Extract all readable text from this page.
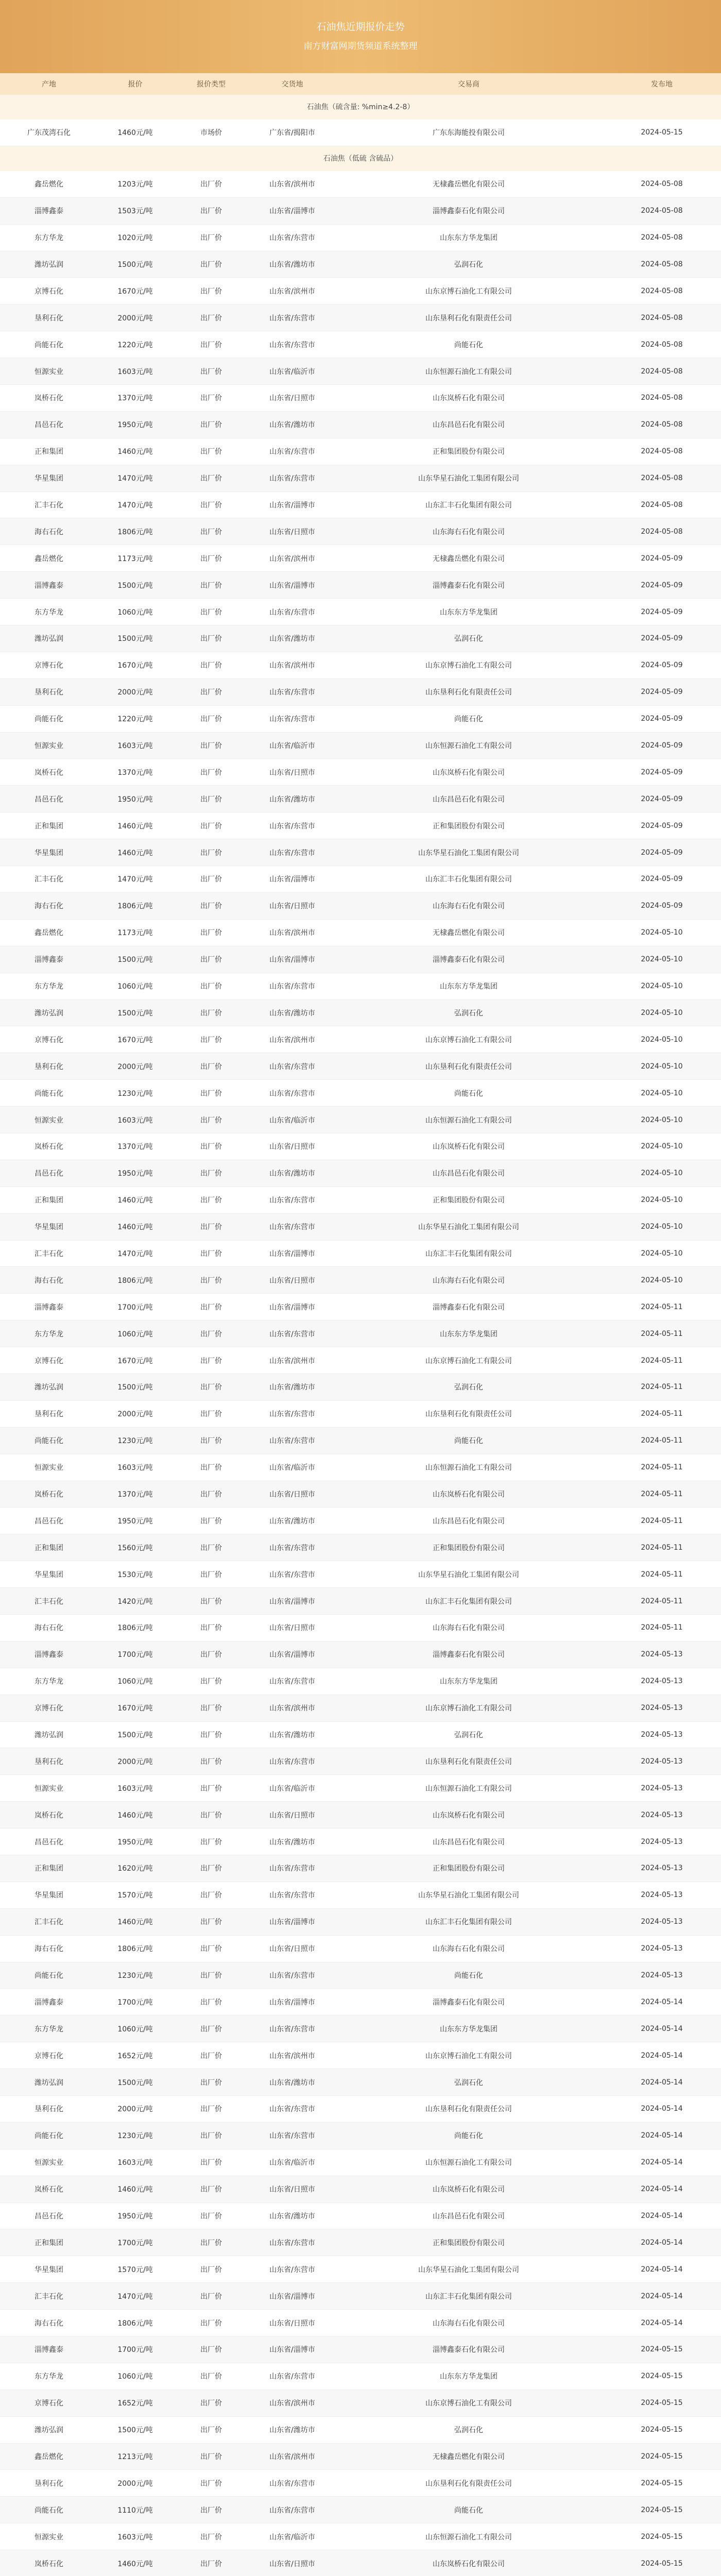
石油焦近期报价走势
南方财富网期货频道系统整理
产地	报价	报价类型	交货地	交易商	发布地
石油焦（硫含量: %min≥4.2-8）
广东茂湾石化	1460元/吨	市场价	广东省/揭阳市	广东东海能投有限公司	2024-05-15
石油焦（低硫 含硫品）
鑫岳燃化	1203元/吨	出厂价	山东省/滨州市	无棣鑫岳燃化有限公司	2024-05-08
淄博鑫泰	1503元/吨	出厂价	山东省/淄博市	淄博鑫泰石化有限公司	2024-05-08
东方华龙	1020元/吨	出厂价	山东省/东营市	山东东方华龙集团	2024-05-08
潍坊弘润	1500元/吨	出厂价	山东省/潍坊市	弘润石化	2024-05-08
京博石化	1670元/吨	出厂价	山东省/滨州市	山东京博石油化工有限公司	2024-05-08
垦利石化	2000元/吨	出厂价	山东省/东营市	山东垦利石化有限责任公司	2024-05-08
尚能石化	1220元/吨	出厂价	山东省/东营市	尚能石化	2024-05-08
恒源实业	1603元/吨	出厂价	山东省/临沂市	山东恒源石油化工有限公司	2024-05-08
岚桥石化	1370元/吨	出厂价	山东省/日照市	山东岚桥石化有限公司	2024-05-08
昌邑石化	1950元/吨	出厂价	山东省/潍坊市	山东昌邑石化有限公司	2024-05-08
正和集团	1460元/吨	出厂价	山东省/东营市	正和集团股份有限公司	2024-05-08
华星集团	1470元/吨	出厂价	山东省/东营市	山东华星石油化工集团有限公司	2024-05-08
汇丰石化	1470元/吨	出厂价	山东省/淄博市	山东汇丰石化集团有限公司	2024-05-08
海右石化	1806元/吨	出厂价	山东省/日照市	山东海右石化有限公司	2024-05-08
鑫岳燃化	1173元/吨	出厂价	山东省/滨州市	无棣鑫岳燃化有限公司	2024-05-09
淄博鑫泰	1500元/吨	出厂价	山东省/淄博市	淄博鑫泰石化有限公司	2024-05-09
东方华龙	1060元/吨	出厂价	山东省/东营市	山东东方华龙集团	2024-05-09
潍坊弘润	1500元/吨	出厂价	山东省/潍坊市	弘润石化	2024-05-09
京博石化	1670元/吨	出厂价	山东省/滨州市	山东京博石油化工有限公司	2024-05-09
垦利石化	2000元/吨	出厂价	山东省/东营市	山东垦利石化有限责任公司	2024-05-09
尚能石化	1220元/吨	出厂价	山东省/东营市	尚能石化	2024-05-09
恒源实业	1603元/吨	出厂价	山东省/临沂市	山东恒源石油化工有限公司	2024-05-09
岚桥石化	1370元/吨	出厂价	山东省/日照市	山东岚桥石化有限公司	2024-05-09
昌邑石化	1950元/吨	出厂价	山东省/潍坊市	山东昌邑石化有限公司	2024-05-09
正和集团	1460元/吨	出厂价	山东省/东营市	正和集团股份有限公司	2024-05-09
华星集团	1460元/吨	出厂价	山东省/东营市	山东华星石油化工集团有限公司	2024-05-09
汇丰石化	1470元/吨	出厂价	山东省/淄博市	山东汇丰石化集团有限公司	2024-05-09
海右石化	1806元/吨	出厂价	山东省/日照市	山东海右石化有限公司	2024-05-09
鑫岳燃化	1173元/吨	出厂价	山东省/滨州市	无棣鑫岳燃化有限公司	2024-05-10
淄博鑫泰	1500元/吨	出厂价	山东省/淄博市	淄博鑫泰石化有限公司	2024-05-10
东方华龙	1060元/吨	出厂价	山东省/东营市	山东东方华龙集团	2024-05-10
潍坊弘润	1500元/吨	出厂价	山东省/潍坊市	弘润石化	2024-05-10
京博石化	1670元/吨	出厂价	山东省/滨州市	山东京博石油化工有限公司	2024-05-10
垦利石化	2000元/吨	出厂价	山东省/东营市	山东垦利石化有限责任公司	2024-05-10
尚能石化	1230元/吨	出厂价	山东省/东营市	尚能石化	2024-05-10
恒源实业	1603元/吨	出厂价	山东省/临沂市	山东恒源石油化工有限公司	2024-05-10
岚桥石化	1370元/吨	出厂价	山东省/日照市	山东岚桥石化有限公司	2024-05-10
昌邑石化	1950元/吨	出厂价	山东省/潍坊市	山东昌邑石化有限公司	2024-05-10
正和集团	1460元/吨	出厂价	山东省/东营市	正和集团股份有限公司	2024-05-10
华星集团	1460元/吨	出厂价	山东省/东营市	山东华星石油化工集团有限公司	2024-05-10
汇丰石化	1470元/吨	出厂价	山东省/淄博市	山东汇丰石化集团有限公司	2024-05-10
海右石化	1806元/吨	出厂价	山东省/日照市	山东海右石化有限公司	2024-05-10
淄博鑫泰	1700元/吨	出厂价	山东省/淄博市	淄博鑫泰石化有限公司	2024-05-11
东方华龙	1060元/吨	出厂价	山东省/东营市	山东东方华龙集团	2024-05-11
京博石化	1670元/吨	出厂价	山东省/滨州市	山东京博石油化工有限公司	2024-05-11
潍坊弘润	1500元/吨	出厂价	山东省/潍坊市	弘润石化	2024-05-11
垦利石化	2000元/吨	出厂价	山东省/东营市	山东垦利石化有限责任公司	2024-05-11
尚能石化	1230元/吨	出厂价	山东省/东营市	尚能石化	2024-05-11
恒源实业	1603元/吨	出厂价	山东省/临沂市	山东恒源石油化工有限公司	2024-05-11
岚桥石化	1370元/吨	出厂价	山东省/日照市	山东岚桥石化有限公司	2024-05-11
昌邑石化	1950元/吨	出厂价	山东省/潍坊市	山东昌邑石化有限公司	2024-05-11
正和集团	1560元/吨	出厂价	山东省/东营市	正和集团股份有限公司	2024-05-11
华星集团	1530元/吨	出厂价	山东省/东营市	山东华星石油化工集团有限公司	2024-05-11
汇丰石化	1420元/吨	出厂价	山东省/淄博市	山东汇丰石化集团有限公司	2024-05-11
海右石化	1806元/吨	出厂价	山东省/日照市	山东海右石化有限公司	2024-05-11
淄博鑫泰	1700元/吨	出厂价	山东省/淄博市	淄博鑫泰石化有限公司	2024-05-13
东方华龙	1060元/吨	出厂价	山东省/东营市	山东东方华龙集团	2024-05-13
京博石化	1670元/吨	出厂价	山东省/滨州市	山东京博石油化工有限公司	2024-05-13
潍坊弘润	1500元/吨	出厂价	山东省/潍坊市	弘润石化	2024-05-13
垦利石化	2000元/吨	出厂价	山东省/东营市	山东垦利石化有限责任公司	2024-05-13
恒源实业	1603元/吨	出厂价	山东省/临沂市	山东恒源石油化工有限公司	2024-05-13
岚桥石化	1460元/吨	出厂价	山东省/日照市	山东岚桥石化有限公司	2024-05-13
昌邑石化	1950元/吨	出厂价	山东省/潍坊市	山东昌邑石化有限公司	2024-05-13
正和集团	1620元/吨	出厂价	山东省/东营市	正和集团股份有限公司	2024-05-13
华星集团	1570元/吨	出厂价	山东省/东营市	山东华星石油化工集团有限公司	2024-05-13
汇丰石化	1460元/吨	出厂价	山东省/淄博市	山东汇丰石化集团有限公司	2024-05-13
海右石化	1806元/吨	出厂价	山东省/日照市	山东海右石化有限公司	2024-05-13
尚能石化	1230元/吨	出厂价	山东省/东营市	尚能石化	2024-05-13
淄博鑫泰	1700元/吨	出厂价	山东省/淄博市	淄博鑫泰石化有限公司	2024-05-14
东方华龙	1060元/吨	出厂价	山东省/东营市	山东东方华龙集团	2024-05-14
京博石化	1652元/吨	出厂价	山东省/滨州市	山东京博石油化工有限公司	2024-05-14
潍坊弘润	1500元/吨	出厂价	山东省/潍坊市	弘润石化	2024-05-14
垦利石化	2000元/吨	出厂价	山东省/东营市	山东垦利石化有限责任公司	2024-05-14
尚能石化	1230元/吨	出厂价	山东省/东营市	尚能石化	2024-05-14
恒源实业	1603元/吨	出厂价	山东省/临沂市	山东恒源石油化工有限公司	2024-05-14
岚桥石化	1460元/吨	出厂价	山东省/日照市	山东岚桥石化有限公司	2024-05-14
昌邑石化	1950元/吨	出厂价	山东省/潍坊市	山东昌邑石化有限公司	2024-05-14
正和集团	1700元/吨	出厂价	山东省/东营市	正和集团股份有限公司	2024-05-14
华星集团	1570元/吨	出厂价	山东省/东营市	山东华星石油化工集团有限公司	2024-05-14
汇丰石化	1470元/吨	出厂价	山东省/淄博市	山东汇丰石化集团有限公司	2024-05-14
海右石化	1806元/吨	出厂价	山东省/日照市	山东海右石化有限公司	2024-05-14
淄博鑫泰	1700元/吨	出厂价	山东省/淄博市	淄博鑫泰石化有限公司	2024-05-15
东方华龙	1060元/吨	出厂价	山东省/东营市	山东东方华龙集团	2024-05-15
京博石化	1652元/吨	出厂价	山东省/滨州市	山东京博石油化工有限公司	2024-05-15
潍坊弘润	1500元/吨	出厂价	山东省/潍坊市	弘润石化	2024-05-15
鑫岳燃化	1213元/吨	出厂价	山东省/滨州市	无棣鑫岳燃化有限公司	2024-05-15
垦利石化	2000元/吨	出厂价	山东省/东营市	山东垦利石化有限责任公司	2024-05-15
尚能石化	1110元/吨	出厂价	山东省/东营市	尚能石化	2024-05-15
恒源实业	1603元/吨	出厂价	山东省/临沂市	山东恒源石油化工有限公司	2024-05-15
岚桥石化	1460元/吨	出厂价	山东省/日照市	山东岚桥石化有限公司	2024-05-15
